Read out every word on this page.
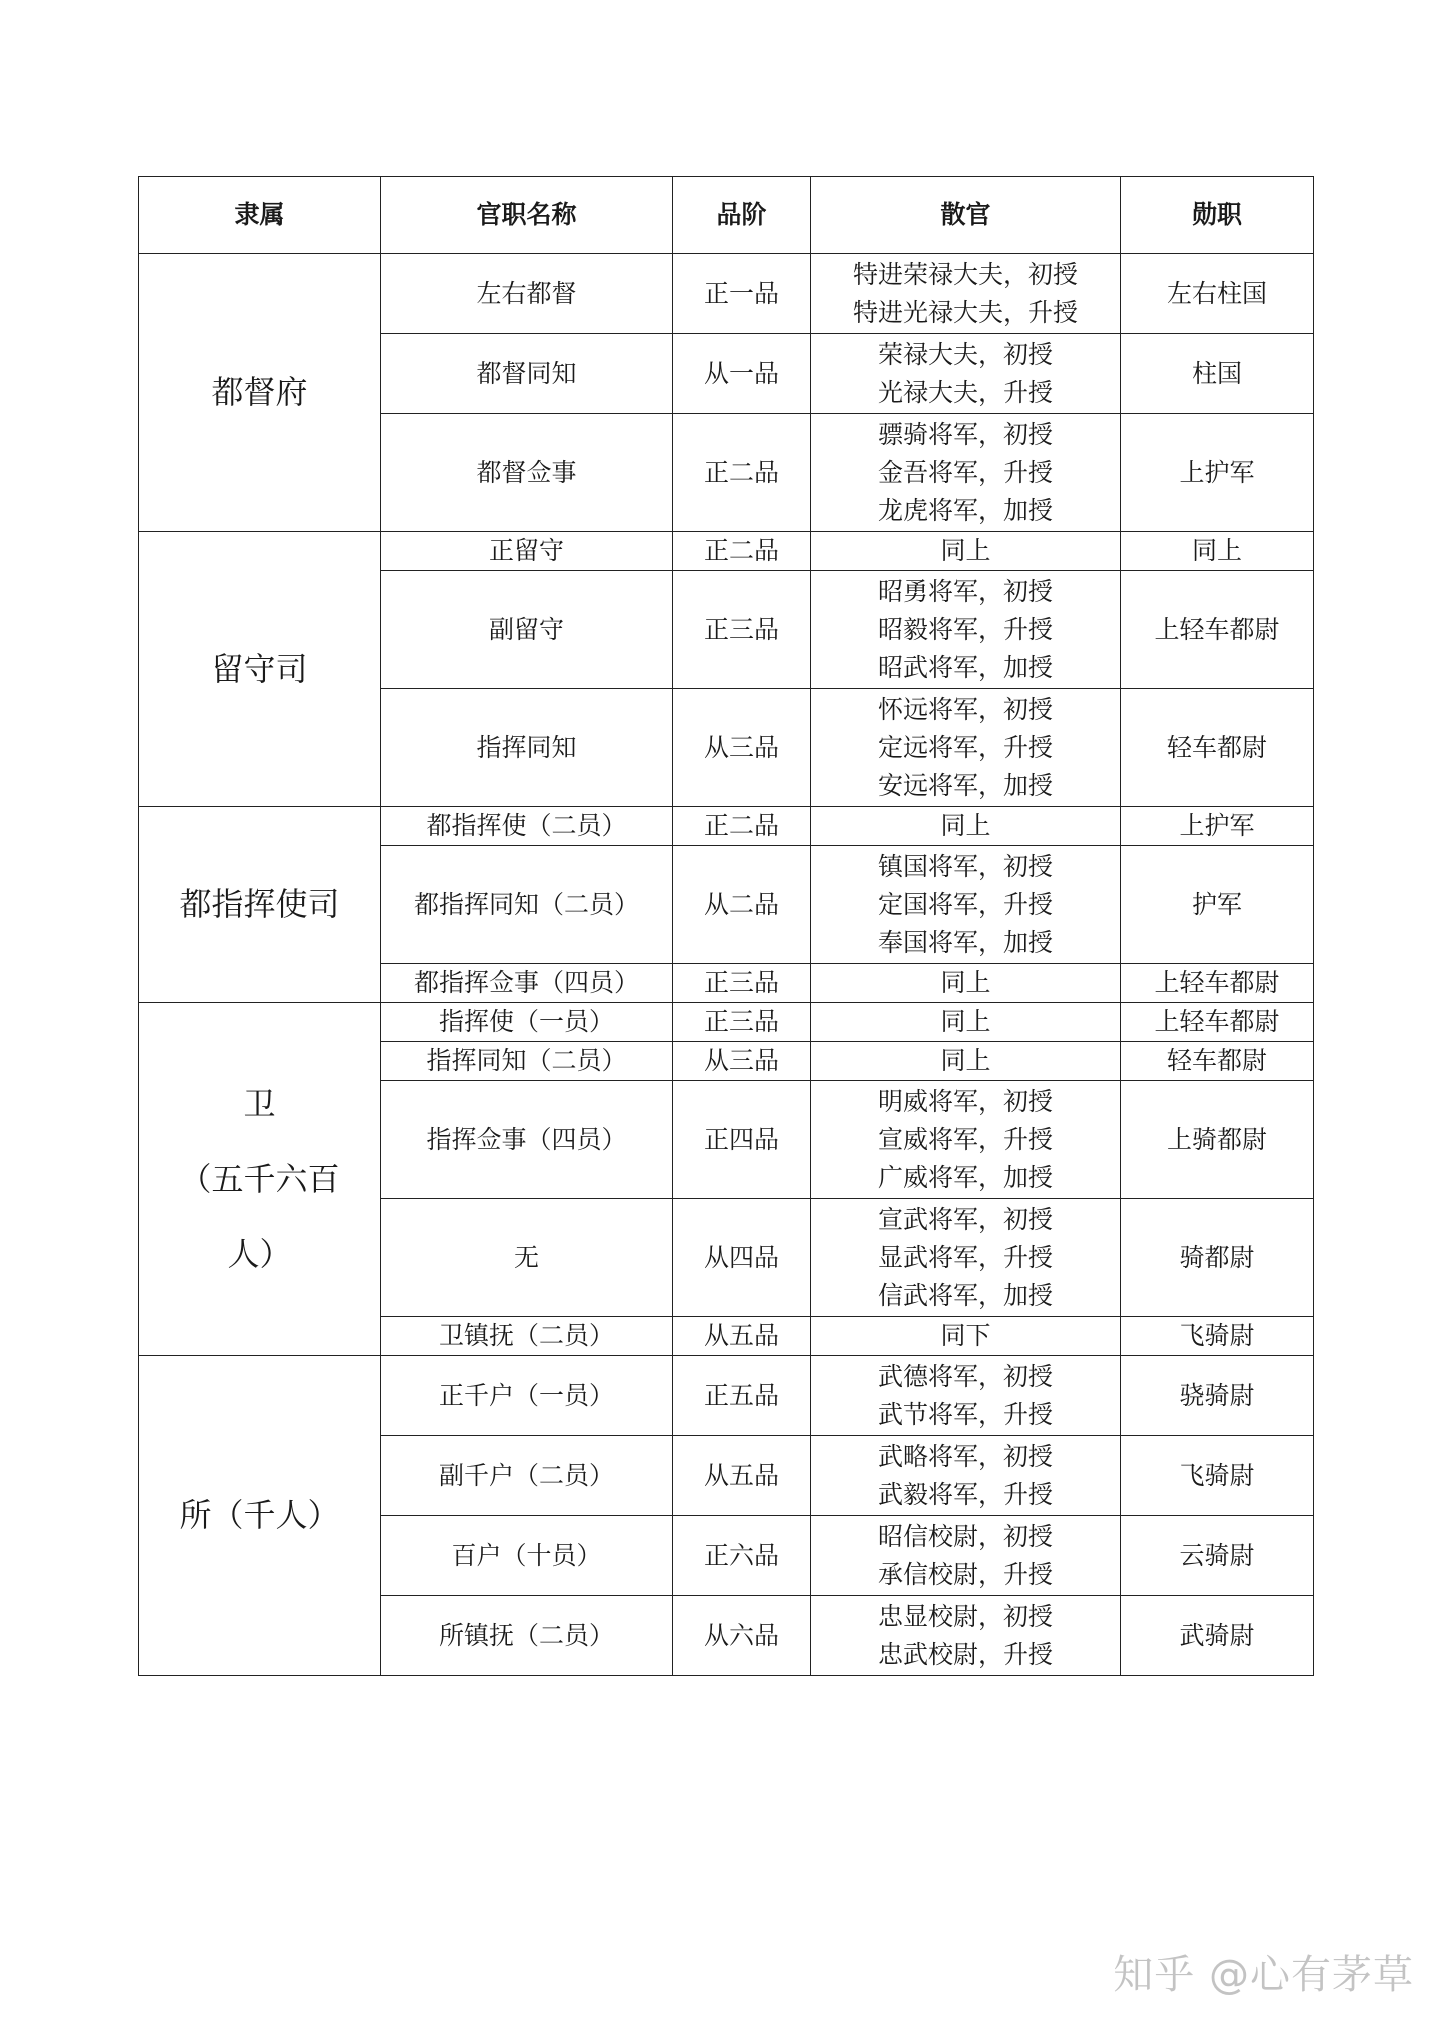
隶属	官职名称	品阶	散官	勋职

都督府	左右都督	正一品	特进荣禄大夫，初授
特进光禄大夫，升授	左右柱国
	都督同知	从一品	荣禄大夫，初授
光禄大夫，升授	柱国
	都督佥事	正二品	骠骑将军，初授
金吾将军，升授
龙虎将军，加授	上护军

留守司	正留守	正二品	同上	同上
	副留守	正三品	昭勇将军，初授
昭毅将军，升授
昭武将军，加授	上轻车都尉
	指挥同知	从三品	怀远将军，初授
定远将军，升授
安远将军，加授	轻车都尉

都指挥使司	都指挥使（二员）	正二品	同上	上护军
	都指挥同知（二员）	从二品	镇国将军，初授
定国将军，升授
奉国将军，加授	护军
	都指挥佥事（四员）	正三品	同上	上轻车都尉

卫
（五千六百
人）	指挥使（一员）	正三品	同上	上轻车都尉
	指挥同知（二员）	从三品	同上	轻车都尉
	指挥佥事（四员）	正四品	明威将军，初授
宣威将军，升授
广威将军，加授	上骑都尉
	无	从四品	宣武将军，初授
显武将军，升授
信武将军，加授	骑都尉
	卫镇抚（二员）	从五品	同下	飞骑尉

所（千人）	正千户（一员）	正五品	武德将军，初授
武节将军，升授	骁骑尉
	副千户（二员）	从五品	武略将军，初授
武毅将军，升授	飞骑尉
	百户（十员）	正六品	昭信校尉，初授
承信校尉，升授	云骑尉
	所镇抚（二员）	从六品	忠显校尉，初授
忠武校尉，升授	武骑尉
知乎 @心有茅草
